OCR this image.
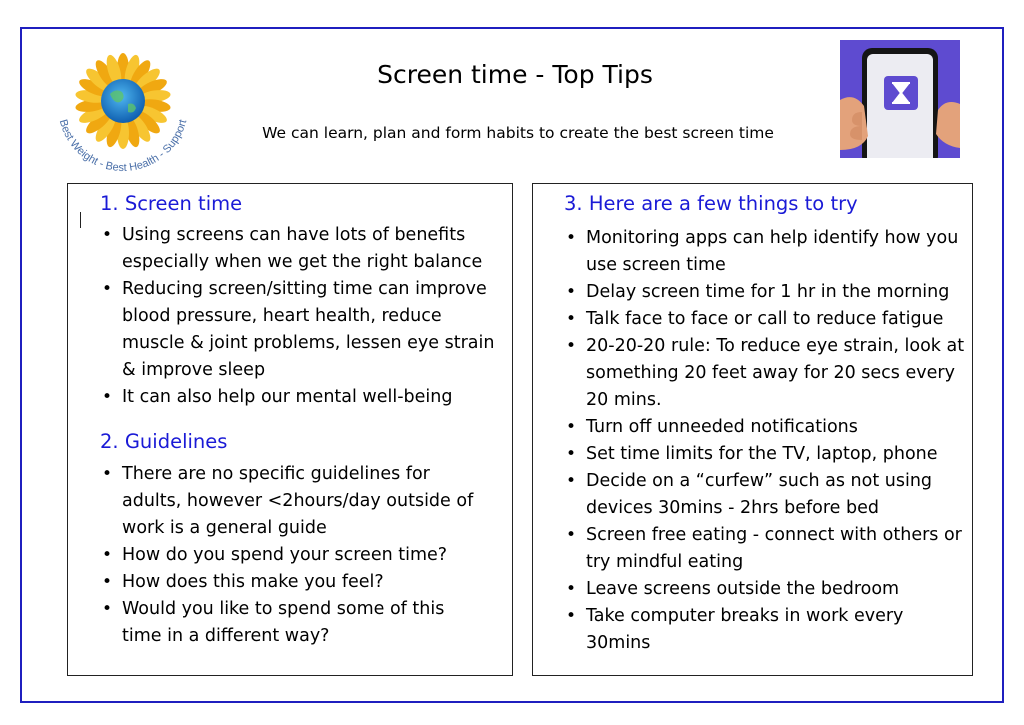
Best Weight - Best Health - Support
Screen time - Top Tips
We can learn, plan and form habits to create the best screen time
1. Screen time
• Using screens can have lots of benefits especially when we get the right balance
• Reducing screen/sitting time can improve blood pressure, heart health, reduce muscle & joint problems, lessen eye strain & improve sleep
• It can also help our mental well-being
2. Guidelines
• There are no specific guidelines for adults, however <2hours/day outside of work is a general guide
• How do you spend your screen time?
• How does this make you feel?
• Would you like to spend some of this time in a different way?
3. Here are a few things to try
• Monitoring apps can help identify how you use screen time
• Delay screen time for 1 hr in the morning
• Talk face to face or call to reduce fatigue
• 20-20-20 rule: To reduce eye strain, look at something 20 feet away for 20 secs every 20 mins.
• Turn off unneeded notifications
• Set time limits for the TV, laptop, phone
• Decide on a “curfew” such as not using devices 30mins - 2hrs before bed
• Screen free eating - connect with others or try mindful eating
• Leave screens outside the bedroom
• Take computer breaks in work every 30mins
